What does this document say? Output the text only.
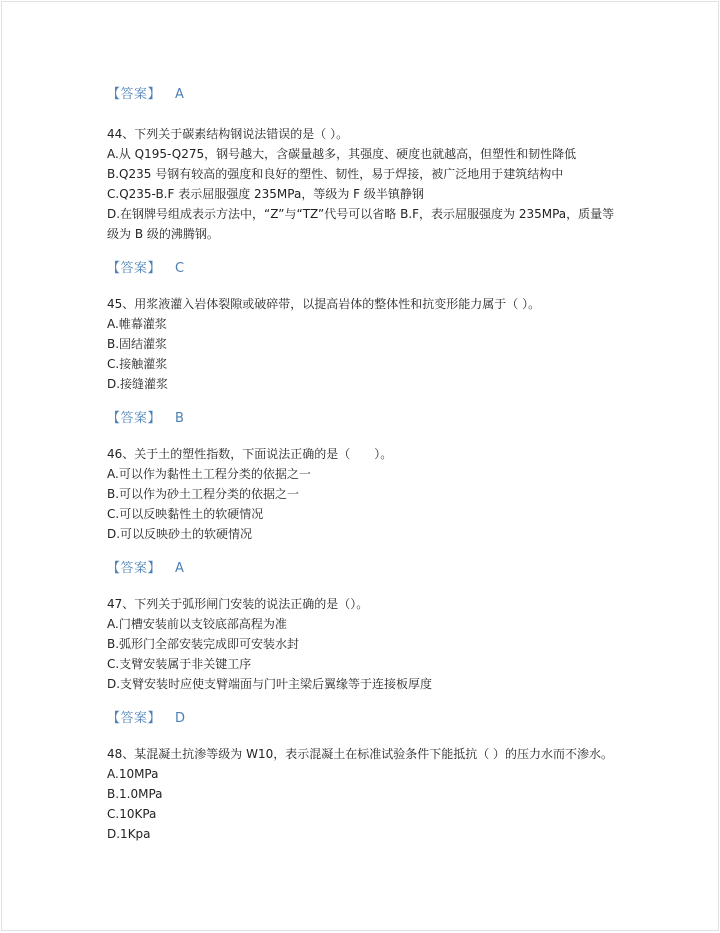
【答案】 A
44、下列关于碳素结构钢说法错误的是（ ）。
A.从 Q195-Q275，钢号越大，含碳量越多，其强度、硬度也就越高，但塑性和韧性降低
B.Q235 号钢有较高的强度和良好的塑性、韧性，易于焊接，被广泛地用于建筑结构中
C.Q235-B.F 表示屈服强度 235MPa，等级为 F 级半镇静钢
D.在钢牌号组成表示方法中，“Z”与“TZ”代号可以省略 B.F，表示屈服强度为 235MPa，质量等级为 B 级的沸腾钢。
【答案】 C
45、用浆液灌入岩体裂隙或破碎带，以提高岩体的整体性和抗变形能力属于（ ）。
A.帷幕灌浆
B.固结灌浆
C.接触灌浆
D.接缝灌浆
【答案】 B
46、关于土的塑性指数，下面说法正确的是（　　）。
A.可以作为黏性土工程分类的依据之一
B.可以作为砂土工程分类的依据之一
C.可以反映黏性土的软硬情况
D.可以反映砂土的软硬情况
【答案】 A
47、下列关于弧形闸门安装的说法正确的是（）。
A.门槽安装前以支铰底部高程为准
B.弧形门全部安装完成即可安装水封
C.支臂安装属于非关键工序
D.支臂安装时应使支臂端面与门叶主梁后翼缘等于连接板厚度
【答案】 D
48、某混凝土抗渗等级为 W10，表示混凝土在标准试验条件下能抵抗（ ）的压力水而不渗水。
A.10MPa
B.1.0MPa
C.10KPa
D.1Kpa
